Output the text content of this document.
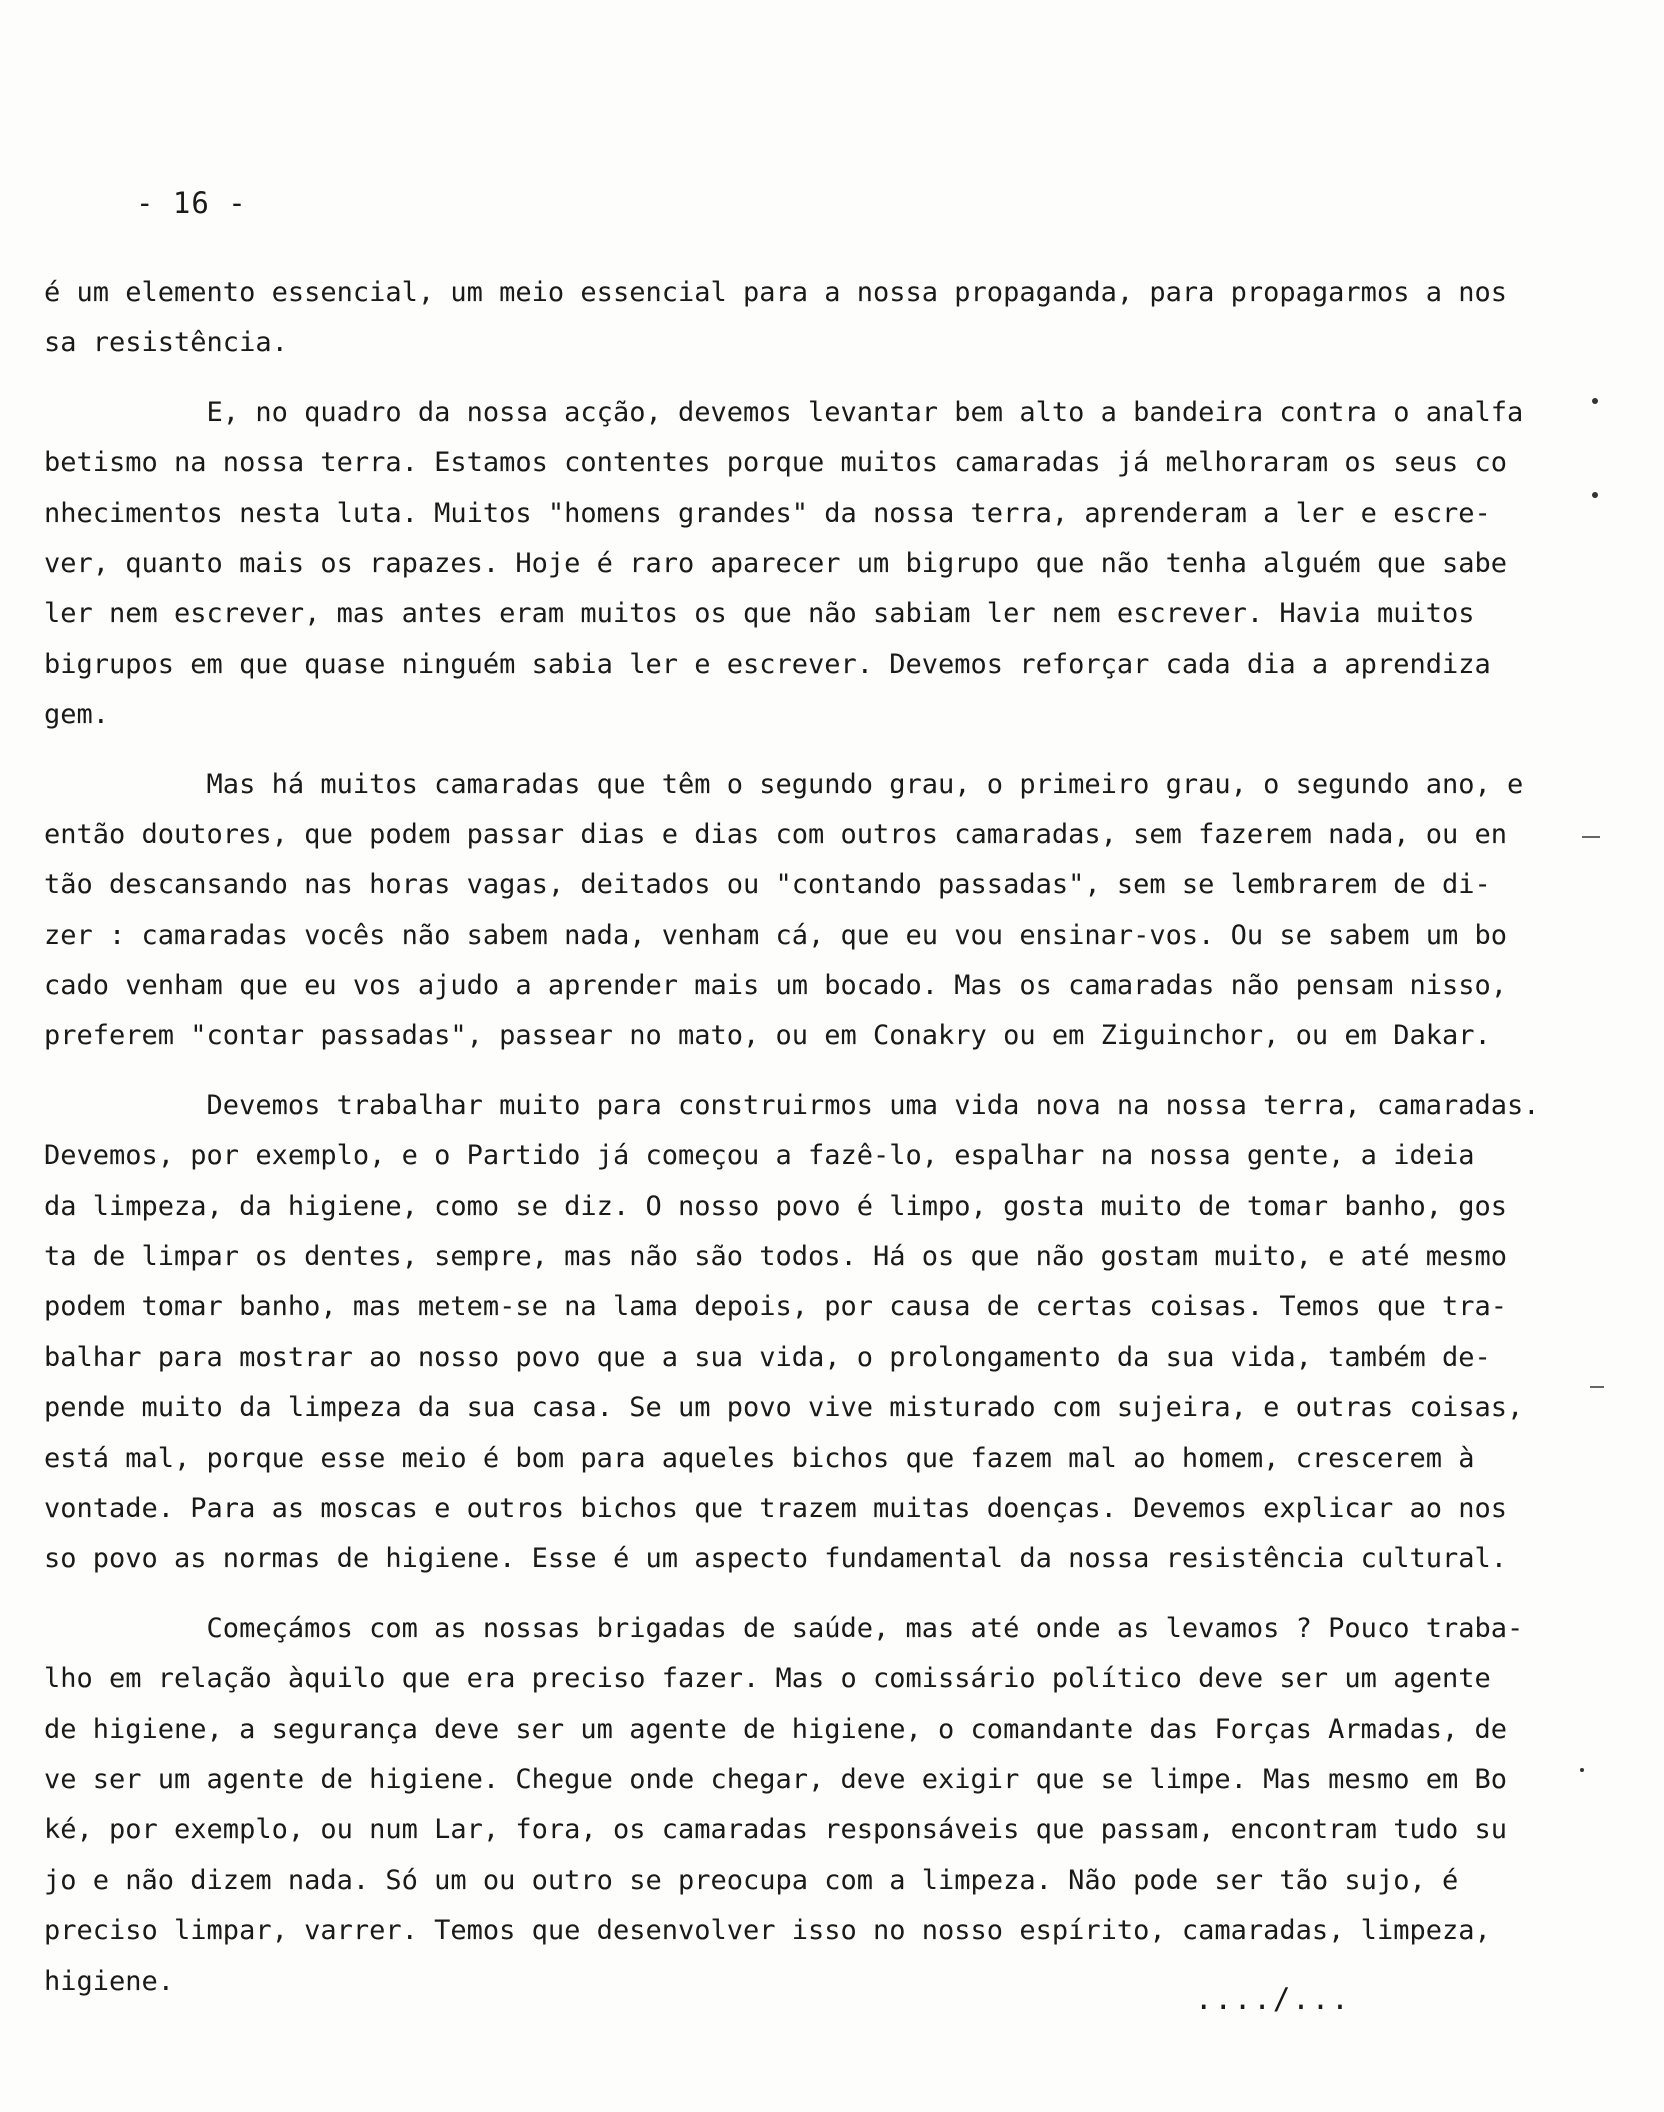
- 16 -
é um elemento essencial, um meio essencial para a nossa propaganda, para propagarmos a nos
sa resistência.
E, no quadro da nossa acção, devemos levantar bem alto a bandeira contra o analfa
betismo na nossa terra. Estamos contentes porque muitos camaradas já melhoraram os seus co
nhecimentos nesta luta. Muitos "homens grandes" da nossa terra, aprenderam a ler e escre-
ver, quanto mais os rapazes. Hoje é raro aparecer um bigrupo que não tenha alguém que sabe
ler nem escrever, mas antes eram muitos os que não sabiam ler nem escrever. Havia muitos
bigrupos em que quase ninguém sabia ler e escrever. Devemos reforçar cada dia a aprendiza
gem.
Mas há muitos camaradas que têm o segundo grau, o primeiro grau, o segundo ano, e
então doutores, que podem passar dias e dias com outros camaradas, sem fazerem nada, ou en
tão descansando nas horas vagas, deitados ou "contando passadas", sem se lembrarem de di-
zer : camaradas vocês não sabem nada, venham cá, que eu vou ensinar-vos. Ou se sabem um bo
cado venham que eu vos ajudo a aprender mais um bocado. Mas os camaradas não pensam nisso,
preferem "contar passadas", passear no mato, ou em Conakry ou em Ziguinchor, ou em Dakar.
Devemos trabalhar muito para construirmos uma vida nova na nossa terra, camaradas.
Devemos, por exemplo, e o Partido já começou a fazê-lo, espalhar na nossa gente, a ideia
da limpeza, da higiene, como se diz. O nosso povo é limpo, gosta muito de tomar banho, gos
ta de limpar os dentes, sempre, mas não são todos. Há os que não gostam muito, e até mesmo
podem tomar banho, mas metem-se na lama depois, por causa de certas coisas. Temos que tra-
balhar para mostrar ao nosso povo que a sua vida, o prolongamento da sua vida, também de-
pende muito da limpeza da sua casa. Se um povo vive misturado com sujeira, e outras coisas,
está mal, porque esse meio é bom para aqueles bichos que fazem mal ao homem, crescerem à
vontade. Para as moscas e outros bichos que trazem muitas doenças. Devemos explicar ao nos
so povo as normas de higiene. Esse é um aspecto fundamental da nossa resistência cultural.
Começámos com as nossas brigadas de saúde, mas até onde as levamos ? Pouco traba-
lho em relação àquilo que era preciso fazer. Mas o comissário político deve ser um agente
de higiene, a segurança deve ser um agente de higiene, o comandante das Forças Armadas, de
ve ser um agente de higiene. Chegue onde chegar, deve exigir que se limpe. Mas mesmo em Bo
ké, por exemplo, ou num Lar, fora, os camaradas responsáveis que passam, encontram tudo su
jo e não dizem nada. Só um ou outro se preocupa com a limpeza. Não pode ser tão sujo, é
preciso limpar, varrer. Temos que desenvolver isso no nosso espírito, camaradas, limpeza,
higiene.
..../...
